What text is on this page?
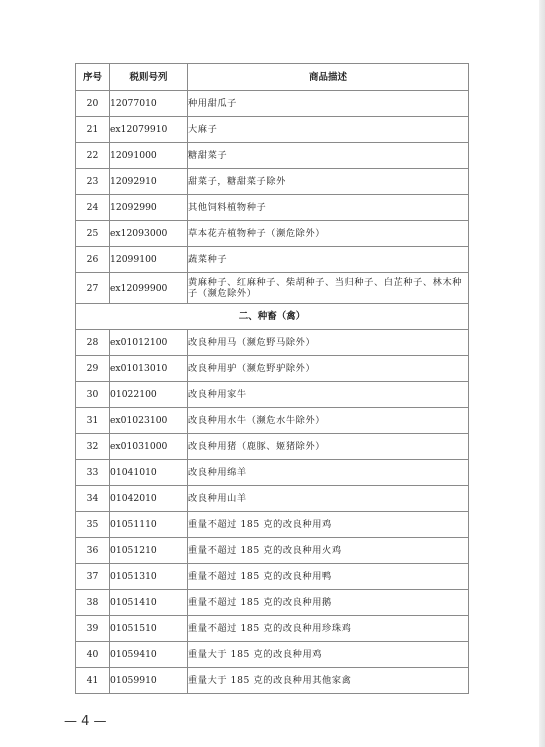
序号	税则号列	商品描述
20	12077010	种用甜瓜子
21	ex12079910	大麻子
22	12091000	糖甜菜子
23	12092910	甜菜子，糖甜菜子除外
24	12092990	其他饲料植物种子
25	ex12093000	草本花卉植物种子（濒危除外）
26	12099100	蔬菜种子
27	ex12099900	黄麻种子、红麻种子、柴胡种子、当归种子、白芷种子、林木种子（濒危除外）
二、种畜（禽）		
28	ex01012100	改良种用马（濒危野马除外）
29	ex01013010	改良种用驴（濒危野驴除外）
30	01022100	改良种用家牛
31	ex01023100	改良种用水牛（濒危水牛除外）
32	ex01031000	改良种用猪（鹿豚、姬猪除外）
33	01041010	改良种用绵羊
34	01042010	改良种用山羊
35	01051110	重量不超过 185 克的改良种用鸡
36	01051210	重量不超过 185 克的改良种用火鸡
37	01051310	重量不超过 185 克的改良种用鸭
38	01051410	重量不超过 185 克的改良种用鹅
39	01051510	重量不超过 185 克的改良种用珍珠鸡
40	01059410	重量大于 185 克的改良种用鸡
41	01059910	重量大于 185 克的改良种用其他家禽
— 4 —
